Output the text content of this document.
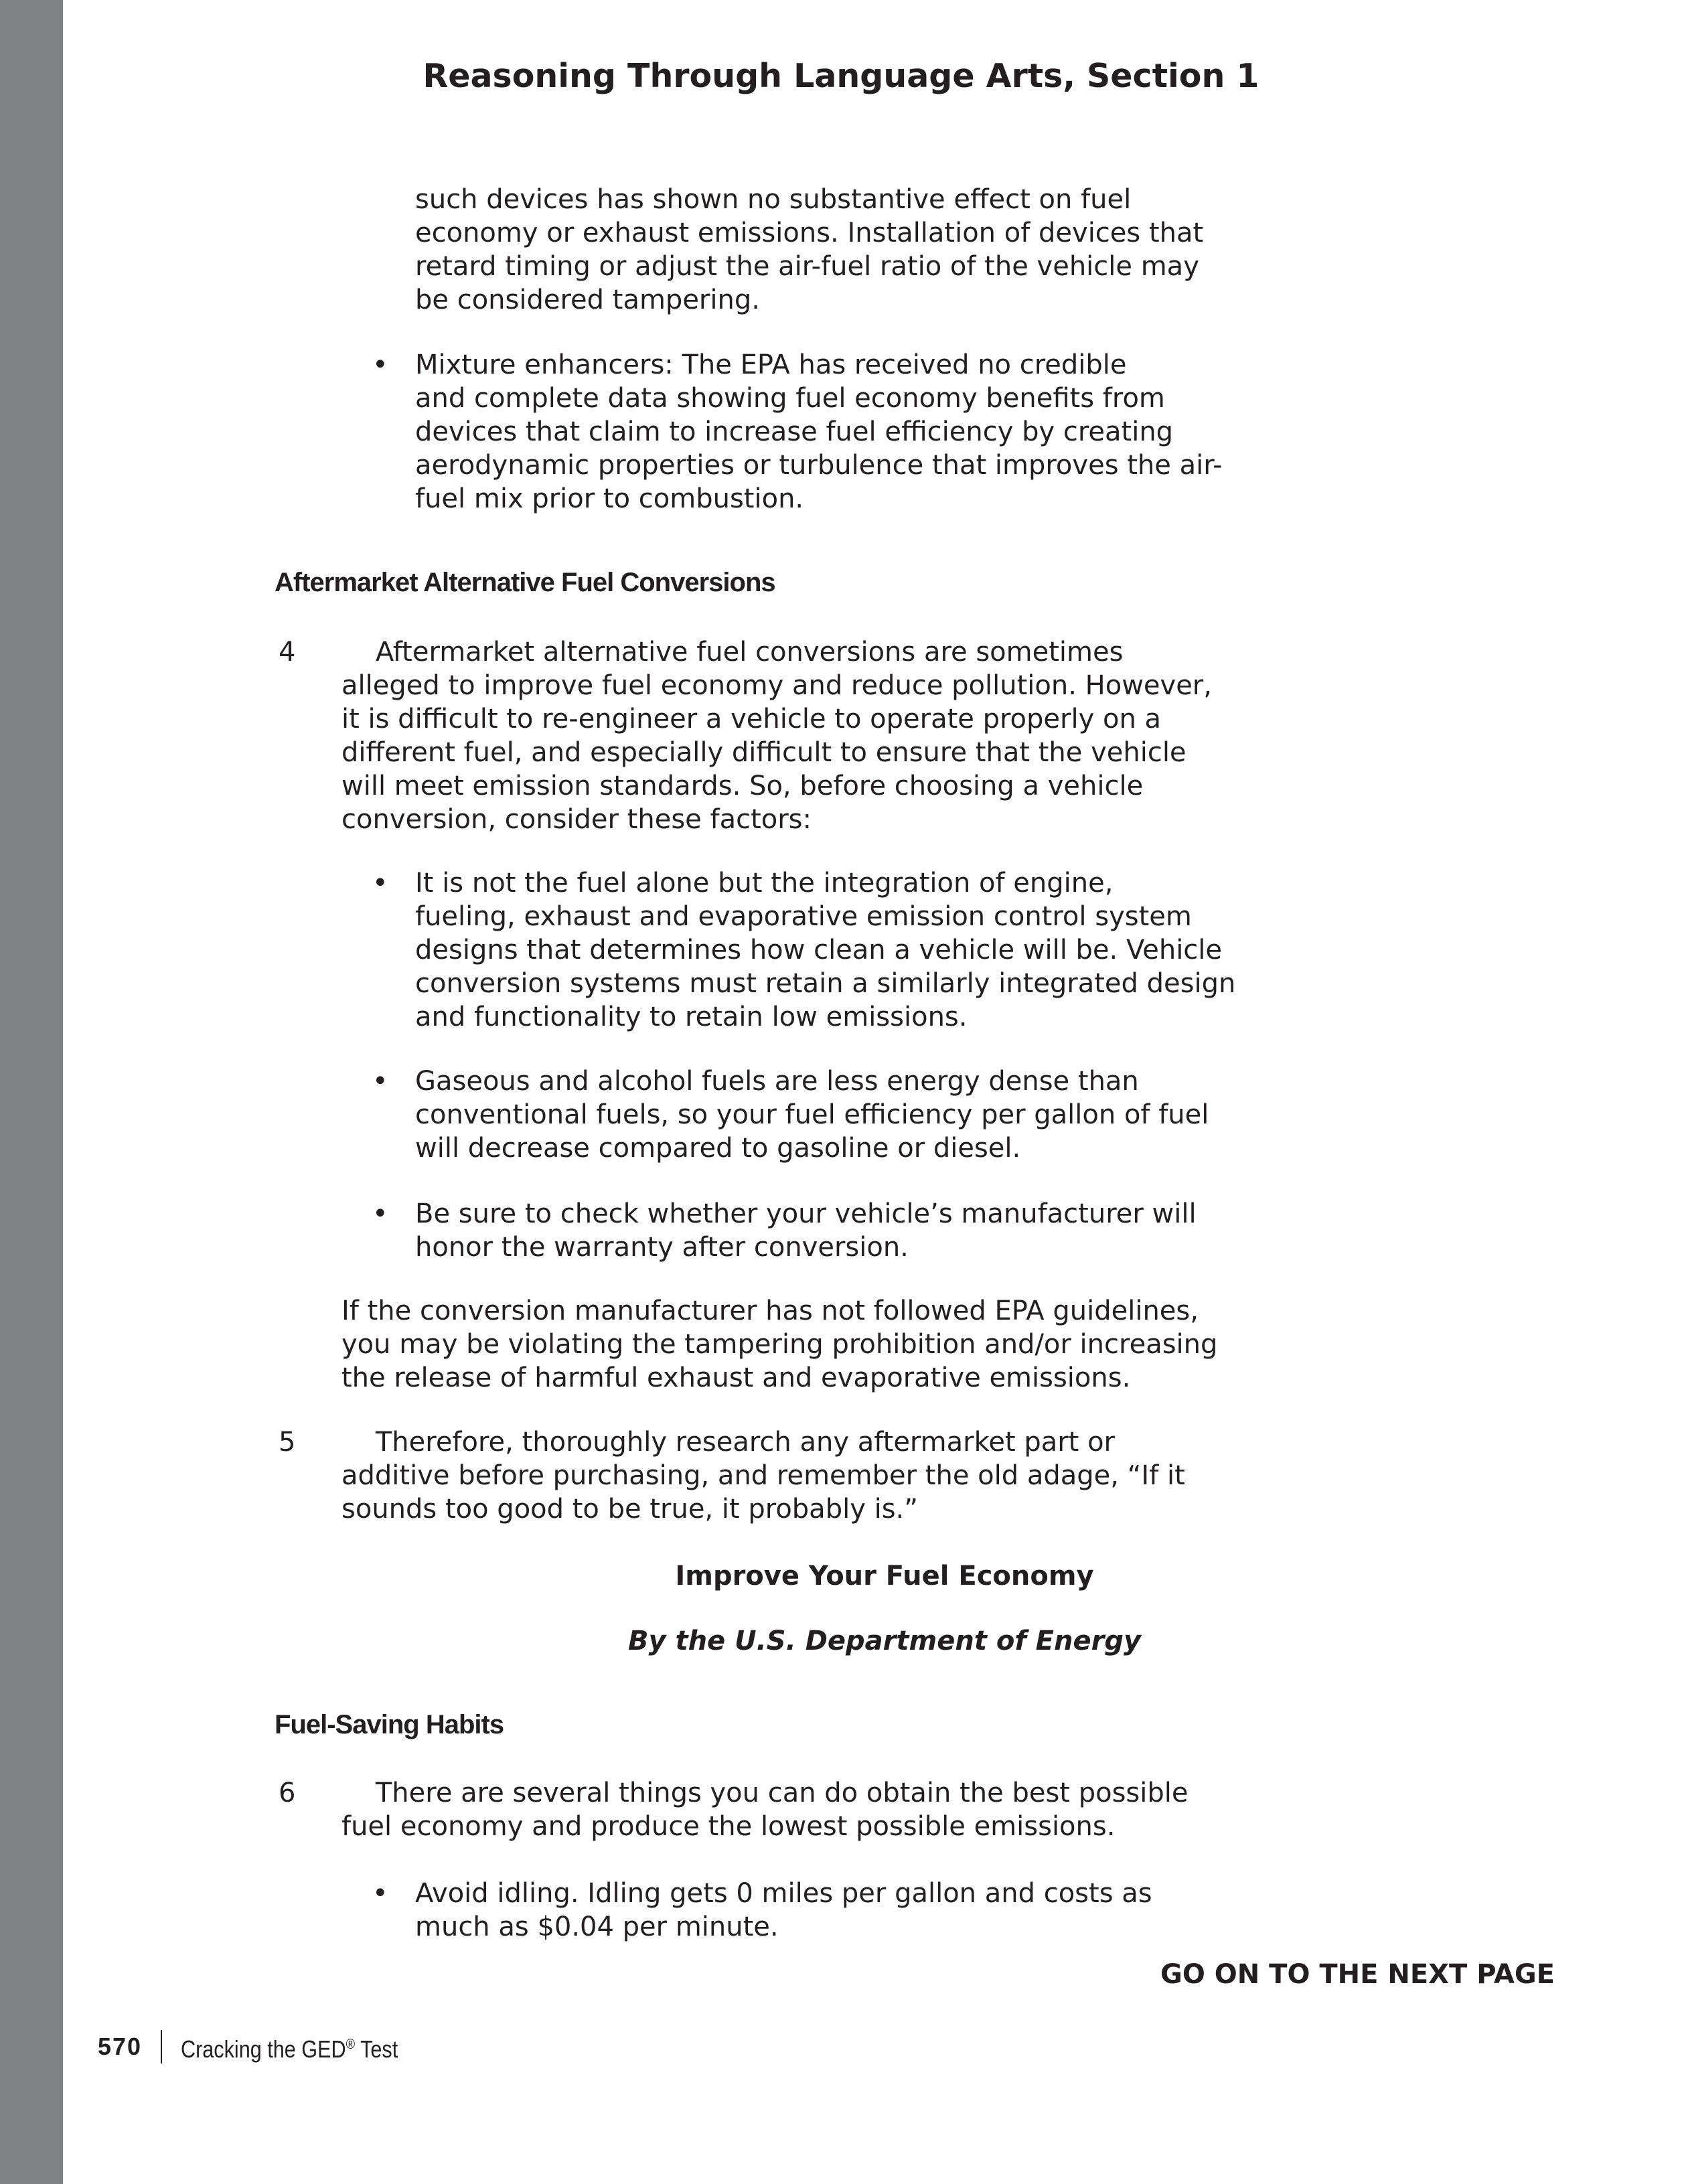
Reasoning Through Language Arts, Section 1
such devices has shown no substantive effect on fuel
economy or exhaust emissions. Installation of devices that
retard timing or adjust the air-fuel ratio of the vehicle may
be considered tampering.
• Mixture enhancers: The EPA has received no credible
and complete data showing fuel economy benefits from
devices that claim to increase fuel efficiency by creating
aerodynamic properties or turbulence that improves the air-
fuel mix prior to combustion.
Aftermarket Alternative Fuel Conversions
4 Aftermarket alternative fuel conversions are sometimes
alleged to improve fuel economy and reduce pollution. However,
it is difficult to re-engineer a vehicle to operate properly on a
different fuel, and especially difficult to ensure that the vehicle
will meet emission standards. So, before choosing a vehicle
conversion, consider these factors:
• It is not the fuel alone but the integration of engine,
fueling, exhaust and evaporative emission control system
designs that determines how clean a vehicle will be. Vehicle
conversion systems must retain a similarly integrated design
and functionality to retain low emissions.
• Gaseous and alcohol fuels are less energy dense than
conventional fuels, so your fuel efficiency per gallon of fuel
will decrease compared to gasoline or diesel.
• Be sure to check whether your vehicle’s manufacturer will
honor the warranty after conversion.
If the conversion manufacturer has not followed EPA guidelines,
you may be violating the tampering prohibition and/or increasing
the release of harmful exhaust and evaporative emissions.
5 Therefore, thoroughly research any aftermarket part or
additive before purchasing, and remember the old adage, “If it
sounds too good to be true, it probably is.”
Improve Your Fuel Economy
By the U.S. Department of Energy
Fuel-Saving Habits
6 There are several things you can do obtain the best possible
fuel economy and produce the lowest possible emissions.
• Avoid idling. Idling gets 0 miles per gallon and costs as
much as $0.04 per minute.
GO ON TO THE NEXT PAGE
570 Cracking the GED® Test
